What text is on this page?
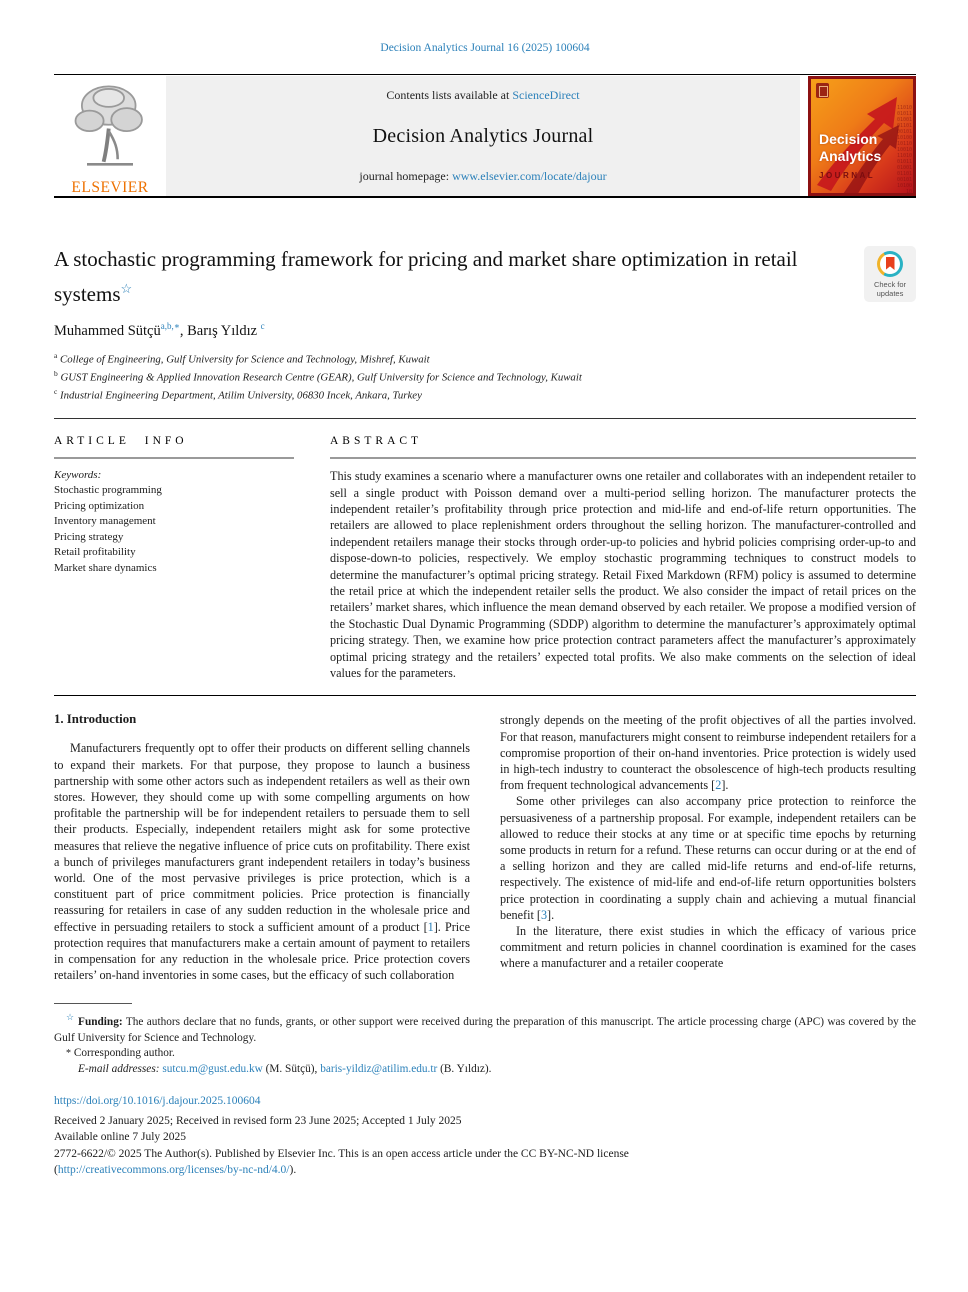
Decision Analytics Journal 16 (2025) 100604
ELSEVIER
Contents lists available at ScienceDirect
Decision Analytics Journal
journal homepage: www.elsevier.com/locate/dajour
110100101101001011010010110100101101001011010010110100101101001011010010
Decision
Analytics
JOURNAL
A stochastic programming framework for pricing and market share optimization in retail systems☆	Check for
updates
Muhammed Sütçü$^{a,b,∗}$, Barış Yıldız $^c$
$^a$ College of Engineering, Gulf University for Science and Technology, Mishref, Kuwait
$^b$ GUST Engineering & Applied Innovation Research Centre (GEAR), Gulf University for Science and Technology, Kuwait
$^c$ Industrial Engineering Department, Atilim University, 06830 Incek, Ankara, Turkey
ARTICLE INFO
Keywords:
Stochastic programming
Pricing optimization
Inventory management
Pricing strategy
Retail profitability
Market share dynamics
ABSTRACT

This study examines a scenario where a manufacturer owns one retailer and collaborates with an independent retailer to sell a single product with Poisson demand over a multi-period selling horizon. The manufacturer protects the independent retailer’s profitability through price protection and mid-life and end-of-life return opportunities. The retailers are allowed to place replenishment orders throughout the selling horizon. The manufacturer-controlled and independent retailers manage their stocks through order-up-to policies and hybrid policies comprising order-up-to and dispose-down-to policies, respectively. We employ stochastic programming techniques to construct models to determine the manufacturer’s optimal pricing strategy. Retail Fixed Markdown (RFM) policy is assumed to determine the retail price at which the independent retailer sells the product. We also consider the impact of retail prices on the retailers’ market shares, which influence the mean demand observed by each retailer. We propose a modified version of the Stochastic Dual Dynamic Programming (SDDP) algorithm to determine the manufacturer’s approximately optimal pricing strategy. Then, we examine how price protection contract parameters affect the manufacturer’s approximately optimal pricing strategy and the retailers’ expected total profits. We also make comments on the selection of ideal values for the parameters.

1. Introduction

Manufacturers frequently opt to offer their products on different selling channels to expand their markets. For that purpose, they propose to launch a business partnership with some other actors such as independent retailers as well as their own stores. However, they should come up with some compelling arguments on how profitable the partnership will be for independent retailers to persuade them to sell their products. Especially, independent retailers might ask for some protective measures that relieve the negative influence of price cuts on profitability. There exist a bunch of privileges manufacturers grant independent retailers in today’s business world. One of the most pervasive privileges is price protection, which is a constituent part of price commitment policies. Price protection is financially reassuring for retailers in case of any sudden reduction in the wholesale price and effective in persuading retailers to stock a sufficient amount of a product [1]. Price protection requires that manufacturers make a certain amount of payment to retailers in compensation for any reduction in the wholesale price. Price protection covers retailers’ on-hand inventories in some cases, but the efficacy of such collaboration

strongly depends on the meeting of the profit objectives of all the parties involved. For that reason, manufacturers might consent to reimburse independent retailers for a compromise proportion of their on-hand inventories. Price protection is widely used in high-tech industry to counteract the obsolescence of high-tech products resulting from frequent technological advancements [2].

Some other privileges can also accompany price protection to reinforce the persuasiveness of a partnership proposal. For example, independent retailers can be allowed to reduce their stocks at any time or at specific time epochs by returning some products in return for a refund. These returns can occur during or at the end of a selling horizon and they are called mid-life returns and end-of-life returns, respectively. The existence of mid-life and end-of-life return opportunities bolsters price protection in coordinating a supply chain and achieving a mutual financial benefit [3].

In the literature, there exist studies in which the efficacy of various price commitment and return policies in channel coordination is examined for the cases where a manufacturer and a retailer cooperate

☆ Funding: The authors declare that no funds, grants, or other support were received during the preparation of this manuscript. The article processing charge (APC) was covered by the Gulf University for Science and Technology.

* Corresponding author.

E-mail addresses: sutcu.m@gust.edu.kw (M. Sütçü), baris-yildiz@atilim.edu.tr (B. Yıldız).

https://doi.org/10.1016/j.dajour.2025.100604
Received 2 January 2025; Received in revised form 23 June 2025; Accepted 1 July 2025
Available online 7 July 2025
2772-6622/© 2025 The Author(s). Published by Elsevier Inc. This is an open access article under the CC BY-NC-ND license
(http://creativecommons.org/licenses/by-nc-nd/4.0/).
